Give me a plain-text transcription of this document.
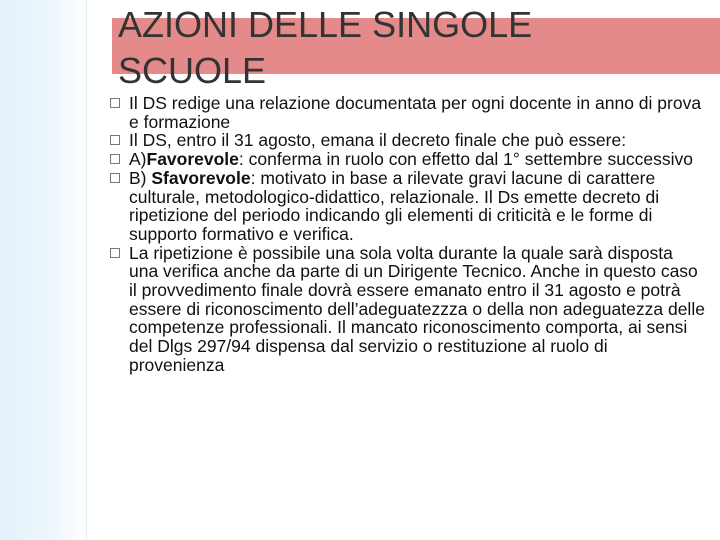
AZIONI DELLE SINGOLE SCUOLE
Il DS redige una relazione documentata per ogni docente in anno di prova e formazione
Il DS, entro il 31 agosto, emana il decreto finale che può essere:
A)Favorevole: conferma in ruolo con effetto dal 1° settembre successivo
B) Sfavorevole: motivato in base a rilevate gravi lacune di carattere culturale, metodologico-didattico, relazionale. Il Ds emette decreto di ripetizione del periodo indicando gli elementi di criticità e le forme di supporto formativo e verifica.
La ripetizione è possibile una sola volta durante la quale sarà disposta una verifica anche da parte di un Dirigente Tecnico. Anche in questo caso il provvedimento finale dovrà essere emanato entro il 31 agosto e potrà essere di riconoscimento dell’adeguatezzza o della non adeguatezza delle competenze professionali. Il mancato riconoscimento comporta, ai sensi del Dlgs 297/94 dispensa dal servizio o restituzione al ruolo di provenienza
